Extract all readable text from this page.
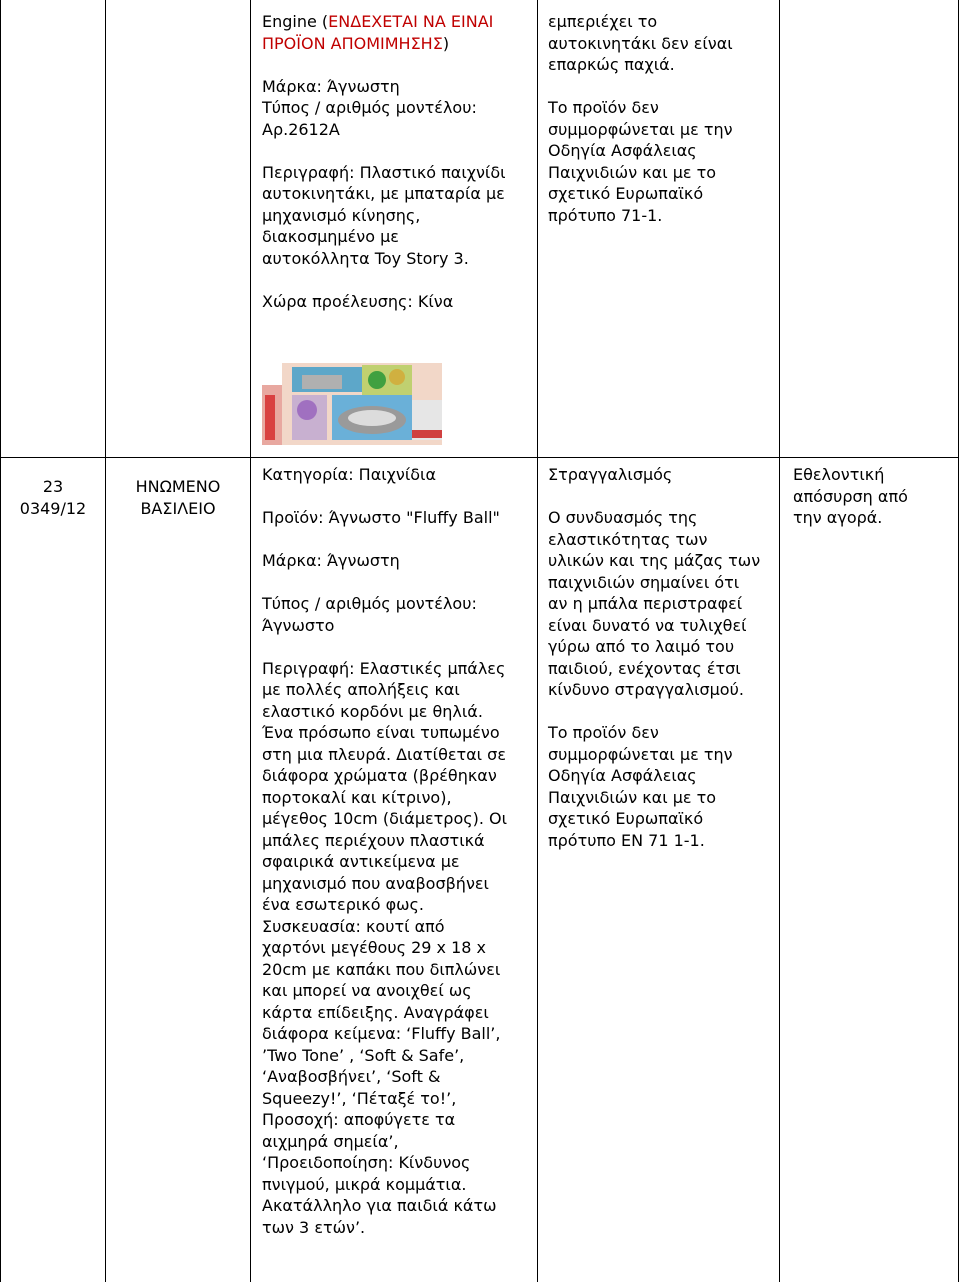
Engine (ΕΝΔΕΧΕΤΑΙ ΝΑ ΕΙΝΑΙ

ΠΡΟΪΟΝ ΑΠΟΜΙΜΗΣΗΣ)

Μάρκα: Άγνωστη

Τύπος / αριθμός μοντέλου:

Αρ.2612Α

Περιγραφή: Πλαστικό παιχνίδι

αυτοκινητάκι, με μπαταρία με

μηχανισμό κίνησης,

διακοσμημένο με

αυτοκόλλητα Toy Story 3.

Χώρα προέλευσης: Κίνα

εμπεριέχει το

αυτοκινητάκι δεν είναι

επαρκώς παχιά.

Το προϊόν δεν

συμμορφώνεται με την

Οδηγία Ασφάλειας

Παιχνιδιών και με το

σχετικό Ευρωπαϊκό

πρότυπο 71-1.

23

0349/12

ΗΝΩΜΕΝΟ

ΒΑΣΙΛΕΙΟ

Κατηγορία: Παιχνίδια

Προϊόν: Άγνωστο "Fluffy Ball"

Μάρκα: Άγνωστη

Τύπος / αριθμός μοντέλου:

Άγνωστο

Περιγραφή: Ελαστικές μπάλες

με πολλές απολήξεις και

ελαστικό κορδόνι με θηλιά.

Ένα πρόσωπο είναι τυπωμένο

στη μια πλευρά. Διατίθεται σε

διάφορα χρώματα (βρέθηκαν

πορτοκαλί και κίτρινο),

μέγεθος 10cm (διάμετρος). Οι

μπάλες περιέχουν πλαστικά

σφαιρικά αντικείμενα με

μηχανισμό που αναβοσβήνει

ένα εσωτερικό φως.

Συσκευασία: κουτί από

χαρτόνι μεγέθους 29 x 18 x

20cm με καπάκι που διπλώνει

και μπορεί να ανοιχθεί ως

κάρτα επίδειξης. Αναγράφει

διάφορα κείμενα: ‘Fluffy Ball’,

’Two Tone’ , ‘Soft & Safe’,

‘Αναβοσβήνει’, ‘Soft &

Squeezy!’, ‘Πέταξέ το!’,

Προσοχή: αποφύγετε τα

αιχμηρά σημεία’,

‘Προειδοποίηση: Κίνδυνος

πνιγμού, μικρά κομμάτια.

Ακατάλληλο για παιδιά κάτω

των 3 ετών’.

Στραγγαλισμός

Ο συνδυασμός της

ελαστικότητας των

υλικών και της μάζας των

παιχνιδιών σημαίνει ότι

αν η μπάλα περιστραφεί

είναι δυνατό να τυλιχθεί

γύρω από το λαιμό του

παιδιού, ενέχοντας έτσι

κίνδυνο στραγγαλισμού.

Το προϊόν δεν

συμμορφώνεται με την

Οδηγία Ασφάλειας

Παιχνιδιών και με το

σχετικό Ευρωπαϊκό

πρότυπο ΕΝ 71 1-1.

Εθελοντική

απόσυρση από

την αγορά.
